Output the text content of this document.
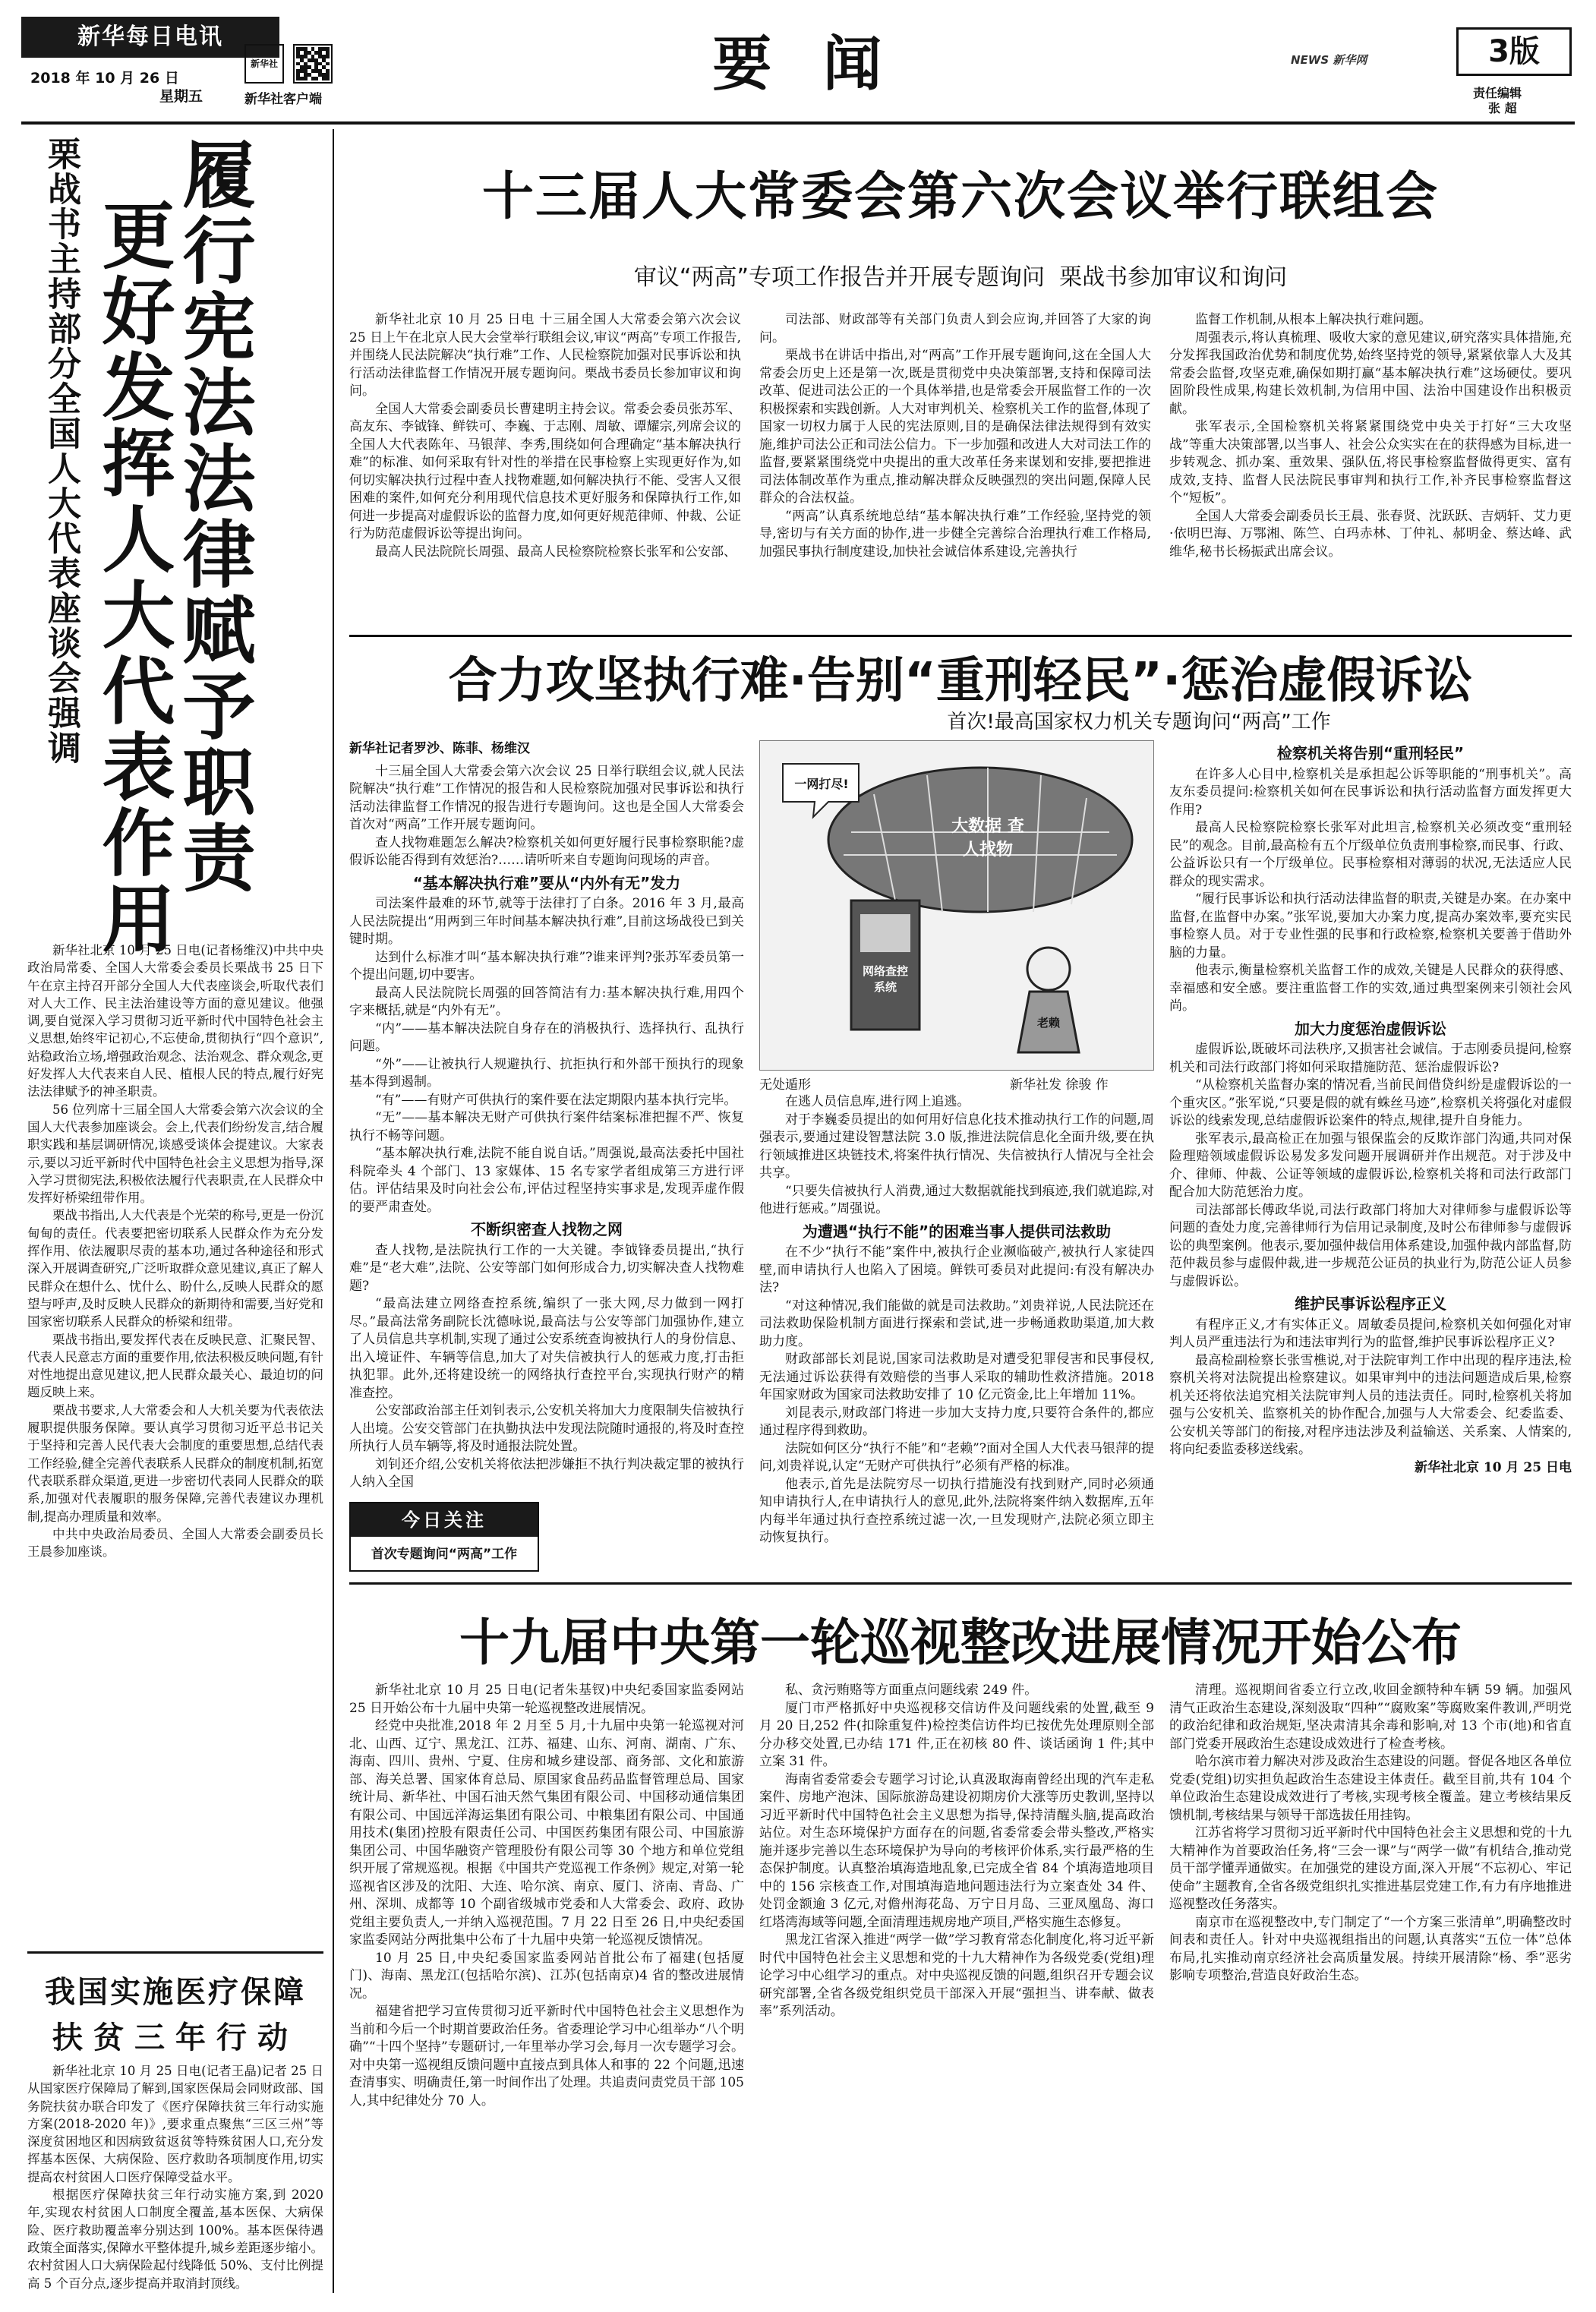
新华每日电讯
2018 年 10 月 26 日
星期五
新华社
新华社客户端
要 闻	NEWS 新华网	3版
责任编辑
张 超
履行宪法法律赋予职责
更好发挥人大代表作用
栗战书主持部分全国人大代表座谈会强调

新华社北京 10 月 25 日电(记者杨维汉)中共中央政治局常委、全国人大常委会委员长栗战书 25 日下午在京主持召开部分全国人大代表座谈会,听取代表们对人大工作、民主法治建设等方面的意见建议。他强调,要自觉深入学习贯彻习近平新时代中国特色社会主义思想,始终牢记初心,不忘使命,贯彻执行“四个意识”,站稳政治立场,增强政治观念、法治观念、群众观念,更好发挥人大代表来自人民、植根人民的特点,履行好宪法法律赋予的神圣职责。

56 位列席十三届全国人大常委会第六次会议的全国人大代表参加座谈会。会上,代表们纷纷发言,结合履职实践和基层调研情况,谈感受谈体会提建议。大家表示,要以习近平新时代中国特色社会主义思想为指导,深入学习贯彻宪法,积极依法履行代表职责,在人民群众中发挥好桥梁纽带作用。

栗战书指出,人大代表是个光荣的称号,更是一份沉甸甸的责任。代表要把密切联系人民群众作为充分发挥作用、依法履职尽责的基本功,通过各种途径和形式深入开展调查研究,广泛听取群众意见建议,真正了解人民群众在想什么、忧什么、盼什么,反映人民群众的愿望与呼声,及时反映人民群众的新期待和需要,当好党和国家密切联系人民群众的桥梁和纽带。

栗战书指出,要发挥代表在反映民意、汇聚民智、代表人民意志方面的重要作用,依法积极反映问题,有针对性地提出意见建议,把人民群众最关心、最迫切的问题反映上来。

栗战书要求,人大常委会和人大机关要为代表依法履职提供服务保障。要认真学习贯彻习近平总书记关于坚持和完善人民代表大会制度的重要思想,总结代表工作经验,健全完善代表联系人民群众的制度机制,拓宽代表联系群众渠道,更进一步密切代表同人民群众的联系,加强对代表履职的服务保障,完善代表建议办理机制,提高办理质量和效率。

中共中央政治局委员、全国人大常委会副委员长王晨参加座谈。

我国实施医疗保障
扶贫三年行动

新华社北京 10 月 25 日电(记者王皛)记者 25 日从国家医疗保障局了解到,国家医保局会同财政部、国务院扶贫办联合印发了《医疗保障扶贫三年行动实施方案(2018-2020 年)》,要求重点聚焦“三区三州”等深度贫困地区和因病致贫返贫等特殊贫困人口,充分发挥基本医保、大病保险、医疗救助各项制度作用,切实提高农村贫困人口医疗保障受益水平。

根据医疗保障扶贫三年行动实施方案,到 2020 年,实现农村贫困人口制度全覆盖,基本医保、大病保险、医疗救助覆盖率分别达到 100%。基本医保待遇政策全面落实,保障水平整体提升,城乡差距逐步缩小。农村贫困人口大病保险起付线降低 50%、支付比例提高 5 个百分点,逐步提高并取消封顶线。

十三届人大常委会第六次会议举行联组会
审议“两高”专项工作报告并开展专题询问  栗战书参加审议和询问

新华社北京 10 月 25 日电 十三届全国人大常委会第六次会议 25 日上午在北京人民大会堂举行联组会议,审议“两高”专项工作报告,并围绕人民法院解决“执行难”工作、人民检察院加强对民事诉讼和执行活动法律监督工作情况开展专题询问。栗战书委员长参加审议和询问。

全国人大常委会副委员长曹建明主持会议。常委会委员张苏军、高友东、李钺锋、鲜铁可、李巍、于志刚、周敏、谭耀宗,列席会议的全国人大代表陈年、马银萍、李秀,围绕如何合理确定“基本解决执行难”的标准、如何采取有针对性的举措在民事检察上实现更好作为,如何切实解决执行过程中查人找物难题,如何解决执行不能、受害人又很困难的案件,如何充分利用现代信息技术更好服务和保障执行工作,如何进一步提高对虚假诉讼的监督力度,如何更好规范律师、仲裁、公证行为防范虚假诉讼等提出询问。

最高人民法院院长周强、最高人民检察院检察长张军和公安部、

司法部、财政部等有关部门负责人到会应询,并回答了大家的询问。

栗战书在讲话中指出,对“两高”工作开展专题询问,这在全国人大常委会历史上还是第一次,既是贯彻党中央决策部署,支持和保障司法改革、促进司法公正的一个具体举措,也是常委会开展监督工作的一次积极探索和实践创新。人大对审判机关、检察机关工作的监督,体现了国家一切权力属于人民的宪法原则,目的是确保法律法规得到有效实施,维护司法公正和司法公信力。下一步加强和改进人大对司法工作的监督,要紧紧围绕党中央提出的重大改革任务来谋划和安排,要把推进司法体制改革作为重点,推动解决群众反映强烈的突出问题,保障人民群众的合法权益。

“两高”认真系统地总结“基本解决执行难”工作经验,坚持党的领导,密切与有关方面的协作,进一步健全完善综合治理执行难工作格局,加强民事执行制度建设,加快社会诚信体系建设,完善执行

监督工作机制,从根本上解决执行难问题。

周强表示,将认真梳理、吸收大家的意见建议,研究落实具体措施,充分发挥我国政治优势和制度优势,始终坚持党的领导,紧紧依靠人大及其常委会监督,攻坚克难,确保如期打赢“基本解决执行难”这场硬仗。要巩固阶段性成果,构建长效机制,为信用中国、法治中国建设作出积极贡献。

张军表示,全国检察机关将紧紧围绕党中央关于打好“三大攻坚战”等重大决策部署,以当事人、社会公众实实在在的获得感为目标,进一步转观念、抓办案、重效果、强队伍,将民事检察监督做得更实、富有成效,支持、监督人民法院民事审判和执行工作,补齐民事检察监督这个“短板”。

全国人大常委会副委员长王晨、张春贤、沈跃跃、吉炳轩、艾力更·依明巴海、万鄂湘、陈竺、白玛赤林、丁仲礼、郝明金、蔡达峰、武维华,秘书长杨振武出席会议。

合力攻坚执行难·告别“重刑轻民”·惩治虚假诉讼
首次!最高国家权力机关专题询问“两高”工作
新华社记者罗沙、陈菲、杨维汉

十三届全国人大常委会第六次会议 25 日举行联组会议,就人民法院解决“执行难”工作情况的报告和人民检察院加强对民事诉讼和执行活动法律监督工作情况的报告进行专题询问。这也是全国人大常委会首次对“两高”工作开展专题询问。

查人找物难题怎么解决?检察机关如何更好履行民事检察职能?虚假诉讼能否得到有效惩治?……请听听来自专题询问现场的声音。

“基本解决执行难”要从“内外有无”发力

司法案件最难的环节,就等于法律打了白条。2016 年 3 月,最高人民法院提出“用两到三年时间基本解决执行难”,目前这场战役已到关键时期。

达到什么标准才叫“基本解决执行难”?谁来评判?张苏军委员第一个提出问题,切中要害。

最高人民法院院长周强的回答简洁有力:基本解决执行难,用四个字来概括,就是“内外有无”。

“内”——基本解决法院自身存在的消极执行、选择执行、乱执行问题。

“外”——让被执行人规避执行、抗拒执行和外部干预执行的现象基本得到遏制。

“有”——有财产可供执行的案件要在法定期限内基本执行完毕。

“无”——基本解决无财产可供执行案件结案标准把握不严、恢复执行不畅等问题。

“基本解决执行难,法院不能自说自话。”周强说,最高法委托中国社科院牵头 4 个部门、13 家媒体、15 名专家学者组成第三方进行评估。评估结果及时向社会公布,评估过程坚持实事求是,发现弄虚作假的要严肃查处。

不断织密查人找物之网

查人找物,是法院执行工作的一大关键。李钺锋委员提出,“执行难”是“老大难”,法院、公安等部门如何形成合力,切实解决查人找物难题?

“最高法建立网络查控系统,编织了一张大网,尽力做到一网打尽。”最高法常务副院长沈德咏说,最高法与公安等部门加强协作,建立了人员信息共享机制,实现了通过公安系统查询被执行人的身份信息、出入境证件、车辆等信息,加大了对失信被执行人的惩戒力度,打击拒执犯罪。此外,还将建设统一的网络执行查控平台,实现执行财产的精准查控。

公安部政治部主任刘钊表示,公安机关将加大力度限制失信被执行人出境。公安交管部门在执勤执法中发现法院随时通报的,将及时查控所执行人员车辆等,将及时通报法院处置。

刘钊还介绍,公安机关将依法把涉嫌拒不执行判决裁定罪的被执行人纳入全国

今日关注
首次专题询问“两高”工作
大数据 查人找物
网络查控系统
一网打尽!
老赖
无处遁形	新华社发 徐骏 作

在逃人员信息库,进行网上追逃。

对于李巍委员提出的如何用好信息化技术推动执行工作的问题,周强表示,要通过建设智慧法院 3.0 版,推进法院信息化全面升级,要在执行领域推进区块链技术,将案件执行情况、失信被执行人情况与全社会共享。

“只要失信被执行人消费,通过大数据就能找到痕迹,我们就追踪,对他进行惩戒。”周强说。

为遭遇“执行不能”的困难当事人提供司法救助

在不少“执行不能”案件中,被执行企业濒临破产,被执行人家徒四壁,而申请执行人也陷入了困境。鲜铁可委员对此提问:有没有解决办法?

“对这种情况,我们能做的就是司法救助。”刘贵祥说,人民法院还在司法救助保险机制方面进行探索和尝试,进一步畅通救助渠道,加大救助力度。

财政部部长刘昆说,国家司法救助是对遭受犯罪侵害和民事侵权,无法通过诉讼获得有效赔偿的当事人采取的辅助性救济措施。2018 年国家财政为国家司法救助安排了 10 亿元资金,比上年增加 11%。

刘昆表示,财政部门将进一步加大支持力度,只要符合条件的,都应通过程序得到救助。

法院如何区分“执行不能”和“老赖”?面对全国人大代表马银萍的提问,刘贵祥说,认定“无财产可供执行”必须有严格的标准。

他表示,首先是法院穷尽一切执行措施没有找到财产,同时必须通知申请执行人,在申请执行人的意见,此外,法院将案件纳入数据库,五年内每半年通过执行查控系统过滤一次,一旦发现财产,法院必须立即主动恢复执行。

检察机关将告别“重刑轻民”

在许多人心目中,检察机关是承担起公诉等职能的“刑事机关”。高友东委员提问:检察机关如何在民事诉讼和执行活动监督方面发挥更大作用?

最高人民检察院检察长张军对此坦言,检察机关必须改变“重刑轻民”的观念。目前,最高检有五个厅级单位负责刑事检察,而民事、行政、公益诉讼只有一个厅级单位。民事检察相对薄弱的状况,无法适应人民群众的现实需求。

“履行民事诉讼和执行活动法律监督的职责,关键是办案。在办案中监督,在监督中办案。”张军说,要加大办案力度,提高办案效率,要充实民事检察人员。对于专业性强的民事和行政检察,检察机关要善于借助外脑的力量。

他表示,衡量检察机关监督工作的成效,关键是人民群众的获得感、幸福感和安全感。要注重监督工作的实效,通过典型案例来引领社会风尚。

加大力度惩治虚假诉讼

虚假诉讼,既破坏司法秩序,又损害社会诚信。于志刚委员提问,检察机关和司法行政部门将如何采取措施防范、惩治虚假诉讼?

“从检察机关监督办案的情况看,当前民间借贷纠纷是虚假诉讼的一个重灾区。”张军说,“只要是假的就有蛛丝马迹”,检察机关将强化对虚假诉讼的线索发现,总结虚假诉讼案件的特点,规律,提升自身能力。

张军表示,最高检正在加强与银保监会的反欺诈部门沟通,共同对保险理赔领域虚假诉讼易发多发问题开展调研并作出规范。对于涉及中介、律师、仲裁、公证等领域的虚假诉讼,检察机关将和司法行政部门配合加大防范惩治力度。

司法部部长傅政华说,司法行政部门将加大对律师参与虚假诉讼等问题的查处力度,完善律师行为信用记录制度,及时公布律师参与虚假诉讼的典型案例。他表示,要加强仲裁信用体系建设,加强仲裁内部监督,防范仲裁员参与虚假仲裁,进一步规范公证员的执业行为,防范公证人员参与虚假诉讼。

维护民事诉讼程序正义

有程序正义,才有实体正义。周敏委员提问,检察机关如何强化对审判人员严重违法行为和违法审判行为的监督,维护民事诉讼程序正义?

最高检副检察长张雪樵说,对于法院审判工作中出现的程序违法,检察机关将对法院提出检察建议。如果审判中的违法问题造成后果,检察机关还将依法追究相关法院审判人员的违法责任。同时,检察机关将加强与公安机关、监察机关的协作配合,加强与人大常委会、纪委监委、公安机关等部门的衔接,对程序违法涉及利益输送、关系案、人情案的,将向纪委监委移送线索。

新华社北京 10 月 25 日电
十九届中央第一轮巡视整改进展情况开始公布

新华社北京 10 月 25 日电(记者朱基钗)中央纪委国家监委网站 25 日开始公布十九届中央第一轮巡视整改进展情况。

经党中央批准,2018 年 2 月至 5 月,十九届中央第一轮巡视对河北、山西、辽宁、黑龙江、江苏、福建、山东、河南、湖南、广东、海南、四川、贵州、宁夏、住房和城乡建设部、商务部、文化和旅游部、海关总署、国家体育总局、原国家食品药品监督管理总局、国家统计局、新华社、中国石油天然气集团有限公司、中国移动通信集团有限公司、中国远洋海运集团有限公司、中粮集团有限公司、中国通用技术(集团)控股有限责任公司、中国医药集团有限公司、中国旅游集团公司、中国华融资产管理股份有限公司等 30 个地方和单位党组织开展了常规巡视。根据《中国共产党巡视工作条例》规定,对第一轮巡视省区涉及的沈阳、大连、哈尔滨、南京、厦门、济南、青岛、广州、深圳、成都等 10 个副省级城市党委和人大常委会、政府、政协党组主要负责人,一并纳入巡视范围。7 月 22 日至 26 日,中央纪委国家监委网站分两批集中公布了十九届中央第一轮巡视反馈情况。

10 月 25 日,中央纪委国家监委网站首批公布了福建(包括厦门)、海南、黑龙江(包括哈尔滨)、江苏(包括南京)4 省的整改进展情况。

福建省把学习宣传贯彻习近平新时代中国特色社会主义思想作为当前和今后一个时期首要政治任务。省委理论学习中心组举办“八个明确”“十四个坚持”专题研讨,一年里举办学习会,每月一次专题学习会。对中央第一巡视组反馈问题中直接点到具体人和事的 22 个问题,迅速查清事实、明确责任,第一时间作出了处理。共追责问责党员干部 105 人,其中纪律处分 70 人。

私、贪污贿赂等方面重点问题线索 249 件。

厦门市严格抓好中央巡视移交信访件及问题线索的处置,截至 9 月 20 日,252 件(扣除重复件)检控类信访件均已按优先处理原则全部分办移交处置,已办结 171 件,正在初核 80 件、谈话函询 1 件;其中立案 31 件。

海南省委常委会专题学习讨论,认真汲取海南曾经出现的汽车走私案件、房地产泡沫、国际旅游岛建设初期房价大涨等历史教训,坚持以习近平新时代中国特色社会主义思想为指导,保持清醒头脑,提高政治站位。对生态环境保护方面存在的问题,省委常委会带头整改,严格实施并逐步完善以生态环境保护为导向的考核评价体系,实行最严格的生态保护制度。认真整治填海造地乱象,已完成全省 84 个填海造地项目中的 156 宗核查工作,对围填海造地问题违法行为立案查处 34 件、处罚金额逾 3 亿元,对儋州海花岛、万宁日月岛、三亚凤凰岛、海口红塔湾海域等问题,全面清理违规房地产项目,严格实施生态修复。

黑龙江省深入推进“两学一做”学习教育常态化制度化,将习近平新时代中国特色社会主义思想和党的十九大精神作为各级党委(党组)理论学习中心组学习的重点。对中央巡视反馈的问题,组织召开专题会议研究部署,全省各级党组织党员干部深入开展“强担当、讲奉献、做表率”系列活动。

清理。巡视期间省委立行立改,收回金额特种车辆 59 辆。加强风清气正政治生态建设,深刻汲取“四种”“腐败案”等腐败案件教训,严明党的政治纪律和政治规矩,坚决肃清其余毒和影响,对 13 个市(地)和省直部门党委开展政治生态建设成效进行了检查考核。

哈尔滨市着力解决对涉及政治生态建设的问题。督促各地区各单位党委(党组)切实担负起政治生态建设主体责任。截至目前,共有 104 个单位政治生态建设成效进行了考核,实现考核全覆盖。建立考核结果反馈机制,考核结果与领导干部选拔任用挂钩。

江苏省将学习贯彻习近平新时代中国特色社会主义思想和党的十九大精神作为首要政治任务,将“三会一课”与“两学一做”有机结合,推动党员干部学懂弄通做实。在加强党的建设方面,深入开展“不忘初心、牢记使命”主题教育,全省各级党组织扎实推进基层党建工作,有力有序地推进巡视整改任务落实。

南京市在巡视整改中,专门制定了“一个方案三张清单”,明确整改时间表和责任人。针对中央巡视组指出的问题,认真落实“五位一体”总体布局,扎实推动南京经济社会高质量发展。持续开展清除“杨、季”恶劣影响专项整治,营造良好政治生态。
